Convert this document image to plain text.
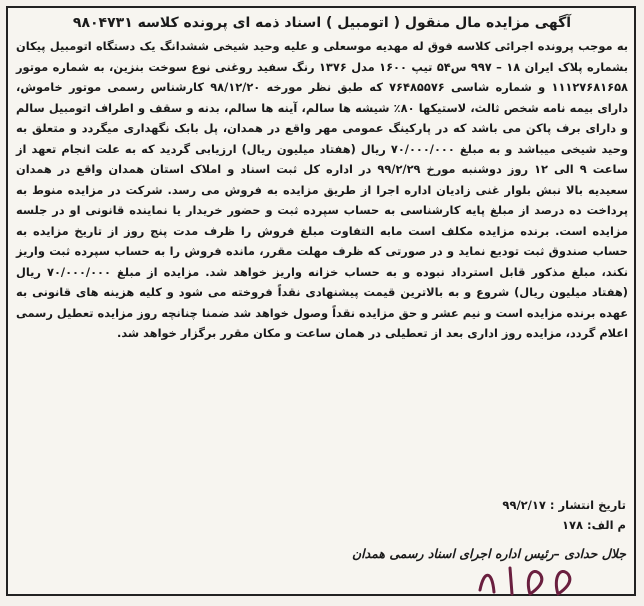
آگهی مزایده مال منقول ( اتومبیل ) اسناد ذمه ای پرونده کلاسه ۹۸۰۴۷۳۱

به موجب پرونده اجرائی کلاسه فوق له مهدیه موسعلی و علیه وحید شیخی ششدانگ یک دستگاه اتومبیل پیکان بشماره پلاک ایران ۱۸ – ۹۹۷ س۵۴ تیپ ۱۶۰۰ مدل ۱۳۷۶ رنگ سفید روغنی نوع سوخت بنزین، به شماره موتور ۱۱۱۲۷۶۸۱۶۵۸ و شماره شاسی ۷۶۴۸۵۵۷۶ که طبق نظر مورخه ۹۸/۱۲/۲۰ کارشناس رسمی موتور خاموش، دارای بیمه نامه شخص ثالث، لاستیکها ۸۰٪ شیشه ها سالم، آینه ها سالم، بدنه و سقف و اطراف اتومبیل سالم و دارای برف پاکن می باشد که در پارکینگ عمومی مهر واقع در همدان، پل بابک نگهداری میگردد و متعلق به وحید شیخی میباشد و به مبلغ ۷۰/۰۰۰/۰۰۰ ریال (هفتاد میلیون ریال) ارزیابی گردید که به علت انجام تعهد از ساعت ۹ الی ۱۲ روز دوشنبه مورخ ۹۹/۲/۲۹ در اداره کل ثبت اسناد و املاک استان همدان واقع در همدان سعیدیه بالا نبش بلوار غنی زادیان اداره اجرا از طریق مزایده به فروش می رسد. شرکت در مزایده منوط به پرداخت ده درصد از مبلغ پایه کارشناسی به حساب سپرده ثبت و حضور خریدار یا نماینده قانونی او در جلسه مزایده است. برنده مزایده مکلف است مابه التفاوت مبلغ فروش را ظرف مدت پنج روز از تاریخ مزایده به حساب صندوق ثبت تودیع نماید و در صورتی که ظرف مهلت مقرر، مانده فروش را به حساب سپرده ثبت واریز نکند، مبلغ مذکور قابل استرداد نبوده و به حساب خزانه واریز خواهد شد. مزایده از مبلغ ۷۰/۰۰۰/۰۰۰ ریال (هفتاد میلیون ریال) شروع و به بالاترین قیمت پیشنهادی نقداً فروخته می شود و کلیه هزینه های قانونی به عهده برنده مزایده است و نیم عشر و حق مزایده نقداً وصول خواهد شد ضمنا چنانچه روز مزایده تعطیل رسمی اعلام گردد، مزایده روز اداری بعد از تعطیلی در همان ساعت و مکان مقرر برگزار خواهد شد.

تاریخ انتشار : ۹۹/۲/۱۷
م الف: ۱۷۸
جلال حدادی –رئیس اداره اجرای اسناد رسمی همدان
